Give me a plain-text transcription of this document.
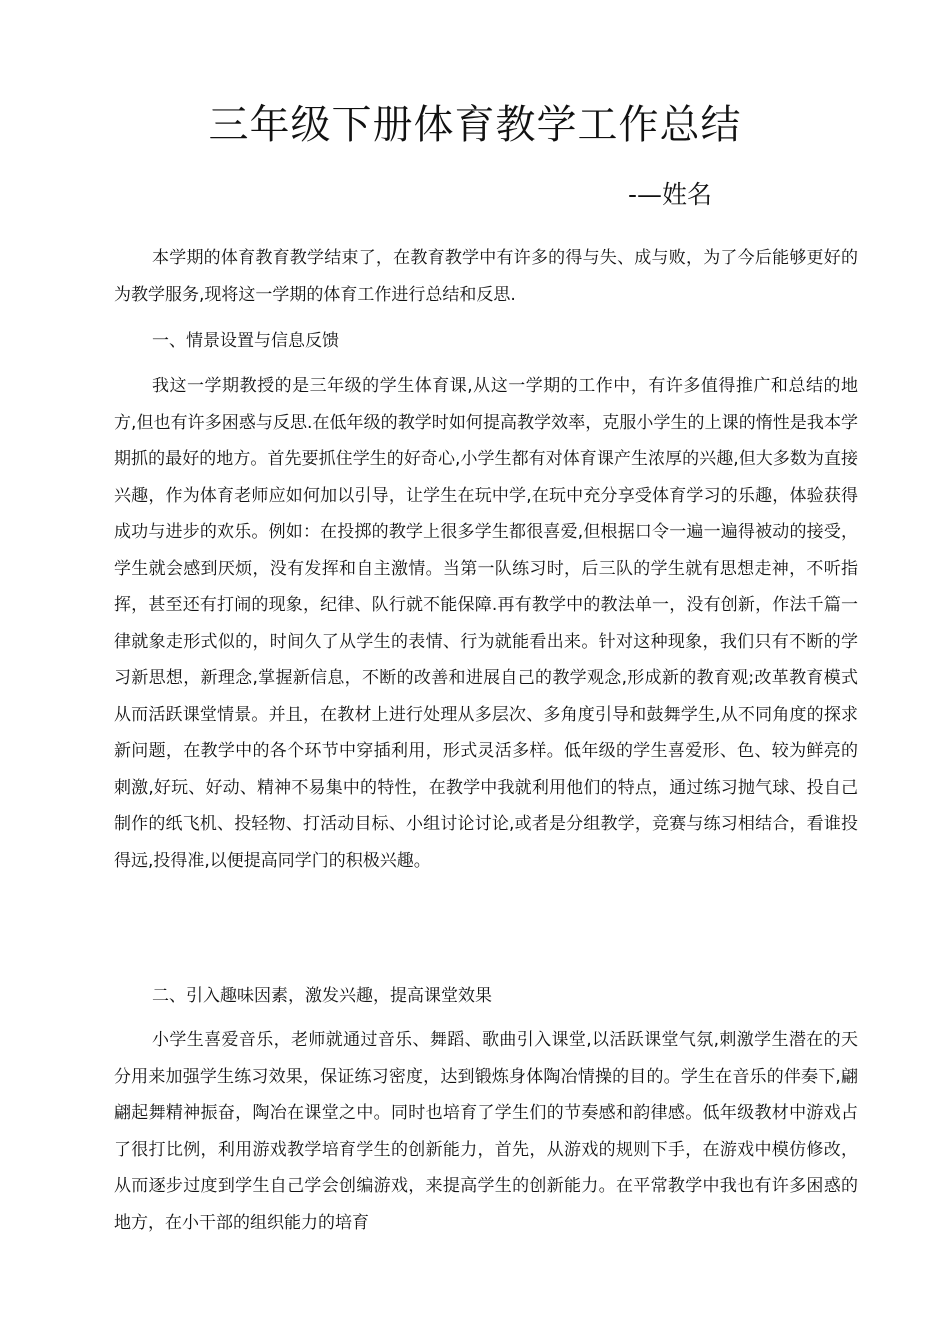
三年级下册体育教学工作总结
-—姓名

本学期的体育教育教学结束了，在教育教学中有许多的得与失、成与败，为了今后能够更好的为教学服务,现将这一学期的体育工作进行总结和反思.

一、情景设置与信息反馈

我这一学期教授的是三年级的学生体育课,从这一学期的工作中，有许多值得推广和总结的地方,但也有许多困惑与反思.在低年级的教学时如何提高教学效率，克服小学生的上课的惰性是我本学期抓的最好的地方。首先要抓住学生的好奇心,小学生都有对体育课产生浓厚的兴趣,但大多数为直接兴趣，作为体育老师应如何加以引导，让学生在玩中学,在玩中充分享受体育学习的乐趣，体验获得成功与进步的欢乐。例如：在投掷的教学上很多学生都很喜爱,但根据口令一遍一遍得被动的接受，学生就会感到厌烦，没有发挥和自主激情。当第一队练习时，后三队的学生就有思想走神，不听指挥，甚至还有打闹的现象，纪律、队行就不能保障.再有教学中的教法单一，没有创新，作法千篇一律就象走形式似的，时间久了从学生的表情、行为就能看出来。针对这种现象，我们只有不断的学习新思想，新理念,掌握新信息，不断的改善和进展自己的教学观念,形成新的教育观;改革教育模式从而活跃课堂情景。并且，在教材上进行处理从多层次、多角度引导和鼓舞学生,从不同角度的探求新问题，在教学中的各个环节中穿插利用，形式灵活多样。低年级的学生喜爱形、色、较为鲜亮的刺激,好玩、好动、精神不易集中的特性，在教学中我就利用他们的特点，通过练习抛气球、投自己制作的纸飞机、投轻物、打活动目标、小组讨论讨论,或者是分组教学，竞赛与练习相结合，看谁投得远,投得准,以便提高同学门的积极兴趣。

二、引入趣味因素，激发兴趣，提高课堂效果

小学生喜爱音乐，老师就通过音乐、舞蹈、歌曲引入课堂,以活跃课堂气氛,刺激学生潜在的天分用来加强学生练习效果，保证练习密度，达到锻炼身体陶冶情操的目的。学生在音乐的伴奏下,翩翩起舞精神振奋，陶冶在课堂之中。同时也培育了学生们的节奏感和韵律感。低年级教材中游戏占了很打比例，利用游戏教学培育学生的创新能力，首先，从游戏的规则下手，在游戏中模仿修改，从而逐步过度到学生自己学会创编游戏，来提高学生的创新能力。在平常教学中我也有许多困惑的地方，在小干部的组织能力的培育
